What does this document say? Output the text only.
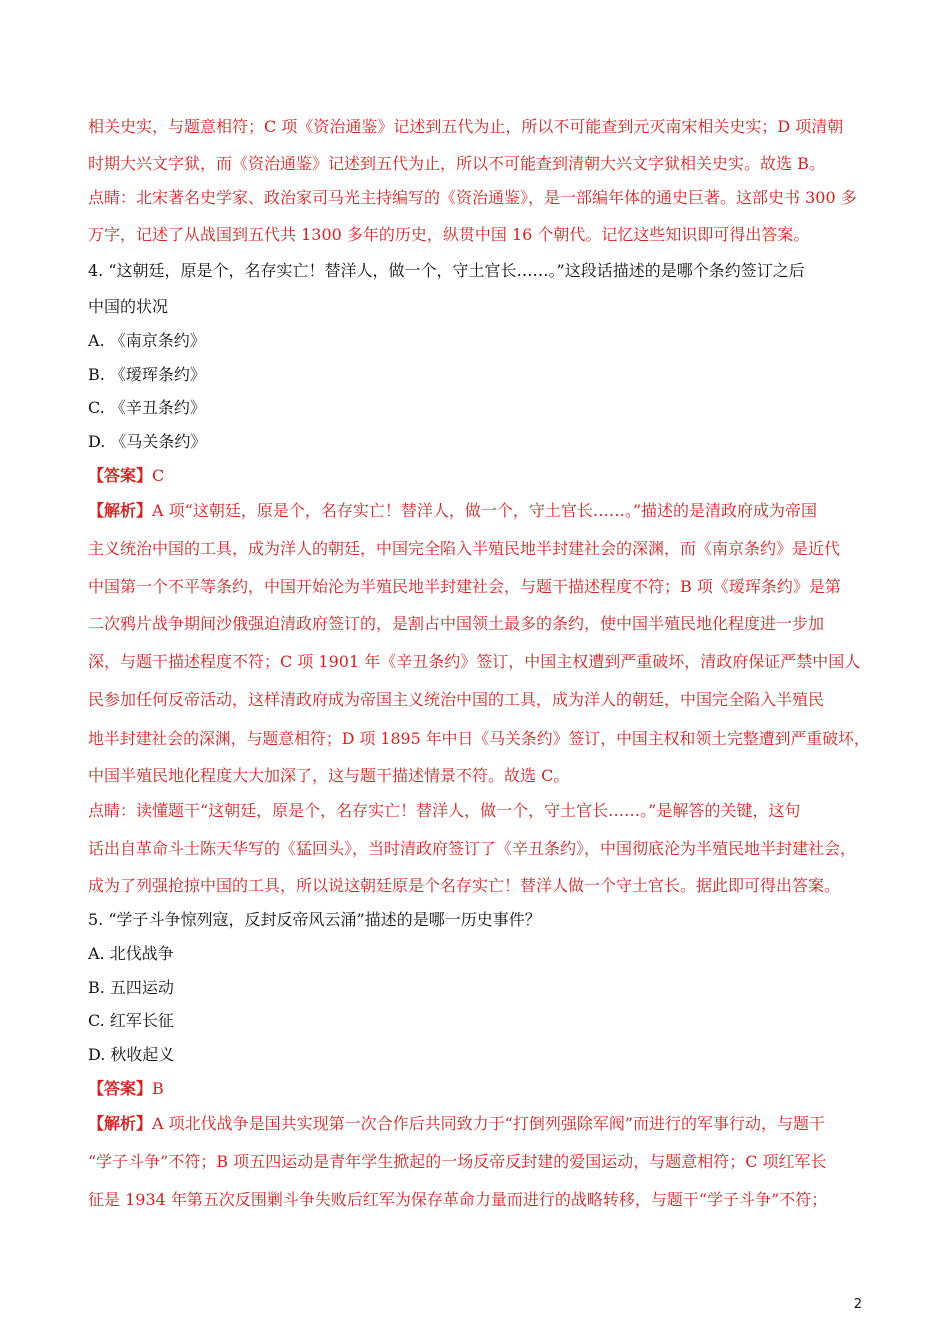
相关史实，与题意相符；C 项《资治通鉴》记述到五代为止，所以不可能查到元灭南宋相关史实；D 项清朝
时期大兴文字狱，而《资治通鉴》记述到五代为止，所以不可能查到清朝大兴文字狱相关史实。故选 B。
点睛：北宋著名史学家、政治家司马光主持编写的《资治通鉴》，是一部编年体的通史巨著。这部史书 300 多
万字，记述了从战国到五代共 1300 多年的历史，纵贯中国 16 个朝代。记忆这些知识即可得出答案。
4. “这朝廷，原是个，名存实亡！替洋人，做一个，守土官长……。”这段话描述的是哪个条约签订之后
中国的状况
A. 《南京条约》
B. 《瑷珲条约》
C. 《辛丑条约》
D. 《马关条约》
【答案】C
【解析】A 项“这朝廷，原是个，名存实亡！替洋人，做一个，守土官长……。”描述的是清政府成为帝国
主义统治中国的工具，成为洋人的朝廷，中国完全陷入半殖民地半封建社会的深渊，而《南京条约》是近代
中国第一个不平等条约，中国开始沦为半殖民地半封建社会，与题干描述程度不符；B 项《瑷珲条约》是第
二次鸦片战争期间沙俄强迫清政府签订的，是割占中国领土最多的条约，使中国半殖民地化程度进一步加
深，与题干描述程度不符；C 项 1901 年《辛丑条约》签订，中国主权遭到严重破坏，清政府保证严禁中国人
民参加任何反帝活动，这样清政府成为帝国主义统治中国的工具，成为洋人的朝廷，中国完全陷入半殖民
地半封建社会的深渊，与题意相符；D 项 1895 年中日《马关条约》签订，中国主权和领土完整遭到严重破坏，
中国半殖民地化程度大大加深了，这与题干描述情景不符。故选 C。
点睛：读懂题干“这朝廷，原是个，名存实亡！替洋人，做一个，守土官长……。”是解答的关键，这句
话出自革命斗士陈天华写的《猛回头》，当时清政府签订了《辛丑条约》，中国彻底沦为半殖民地半封建社会，
成为了列强抢掠中国的工具，所以说这朝廷原是个名存实亡！替洋人做一个守土官长。据此即可得出答案。
5. “学子斗争惊列寇，反封反帝风云涌”描述的是哪一历史事件？
A. 北伐战争
B. 五四运动
C. 红军长征
D. 秋收起义
【答案】B
【解析】A 项北伐战争是国共实现第一次合作后共同致力于“打倒列强除军阀”而进行的军事行动，与题干
“学子斗争”不符；B 项五四运动是青年学生掀起的一场反帝反封建的爱国运动，与题意相符；C 项红军长
征是 1934 年第五次反围剿斗争失败后红军为保存革命力量而进行的战略转移，与题干“学子斗争”不符；
2
